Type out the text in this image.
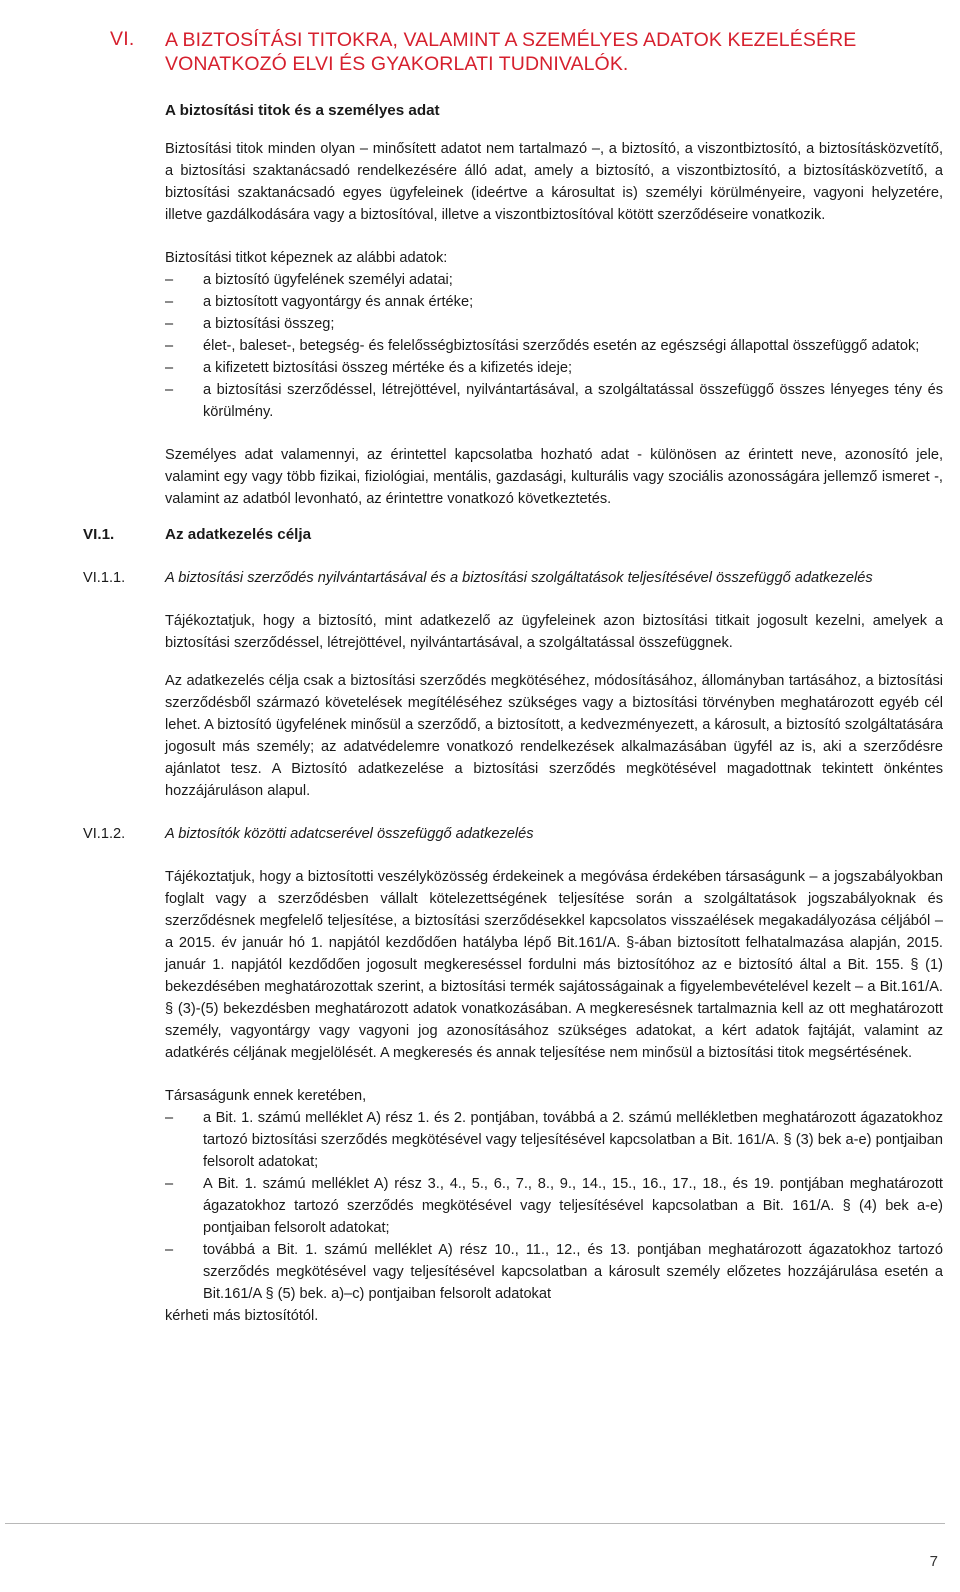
VI. A BIZTOSÍTÁSI TITOKRA, VALAMINT A SZEMÉLYES ADATOK KEZELÉSÉRE VONATKOZÓ ELVI ÉS GYAKORLATI TUDNIVALÓK.
A biztosítási titok és a személyes adat

Biztosítási titok minden olyan – minősített adatot nem tartalmazó –, a biztosító, a viszontbiztosító, a biztosításközvetítő, a biztosítási szaktanácsadó rendelkezésére álló adat, amely a biztosító, a viszontbiztosító, a biztosításközvetítő, a biztosítási szaktanácsadó egyes ügyfeleinek (ideértve a károsultat is) személyi körülményeire, vagyoni helyzetére, illetve gazdálkodására vagy a biztosítóval, illetve a viszontbiztosítóval kötött szerződéseire vonatkozik.

Biztosítási titkot képeznek az alábbi adatok:

– a biztosító ügyfelének személyi adatai;
– a biztosított vagyontárgy és annak értéke;
– a biztosítási összeg;
– élet-, baleset-, betegség- és felelősségbiztosítási szerződés esetén az egészségi állapottal összefüggő adatok;
– a kifizetett biztosítási összeg mértéke és a kifizetés ideje;
– a biztosítási szerződéssel, létrejöttével, nyilvántartásával, a szolgáltatással összefüggő összes lényeges tény és körülmény.

Személyes adat valamennyi, az érintettel kapcsolatba hozható adat - különösen az érintett neve, azonosító jele, valamint egy vagy több fizikai, fiziológiai, mentális, gazdasági, kulturális vagy szociális azonosságára jellemző ismeret -, valamint az adatból levonható, az érintettre vonatkozó következtetés.

VI.1.	Az adatkezelés célja
VI.1.1.	A biztosítási szerződés nyilvántartásával és a biztosítási szolgáltatások teljesítésével összefüggő adatkezelés

Tájékoztatjuk, hogy a biztosító, mint adatkezelő az ügyfeleinek azon biztosítási titkait jogosult kezelni, amelyek a biztosítási szerződéssel, létrejöttével, nyilvántartásával, a szolgáltatással összefüggnek.

Az adatkezelés célja csak a biztosítási szerződés megkötéséhez, módosításához, állományban tartásához, a biztosítási szerződésből származó követelések megítéléséhez szükséges vagy a biztosítási törvényben meghatározott egyéb cél lehet. A biztosító ügyfelének minősül a szerződő, a biztosított, a kedvezményezett, a károsult, a biztosító szolgáltatására jogosult más személy; az adatvédelemre vonatkozó rendelkezések alkalmazásában ügyfél az is, aki a szerződésre ajánlatot tesz. A Biztosító adatkezelése a biztosítási szerződés megkötésével magadottnak tekintett önkéntes hozzájáruláson alapul.

VI.1.2.	A biztosítók közötti adatcserével összefüggő adatkezelés

Tájékoztatjuk, hogy a biztosítotti veszélyközösség érdekeinek a megóvása érdekében társaságunk – a jogszabályokban foglalt vagy a szerződésben vállalt kötelezettségének teljesítése során a szolgáltatások jogszabályoknak és szerződésnek megfelelő teljesítése, a biztosítási szerződésekkel kapcsolatos visszaélések megakadályozása céljából – a 2015. év január hó 1. napjától kezdődően hatályba lépő Bit.161/A. §-ában biztosított felhatalmazása alapján, 2015. január 1. napjától kezdődően jogosult megkereséssel fordulni más biztosítóhoz az e biztosító által a Bit. 155. § (1) bekezdésében meghatározottak szerint, a biztosítási termék sajátosságainak a figyelembevételével kezelt – a Bit.161/A. § (3)-(5) bekezdésben meghatározott adatok vonatkozásában. A megkeresésnek tartalmaznia kell az ott meghatározott személy, vagyontárgy vagy vagyoni jog azonosításához szükséges adatokat, a kért adatok fajtáját, valamint az adatkérés céljának megjelölését. A megkeresés és annak teljesítése nem minősül a biztosítási titok megsértésének.

Társaságunk ennek keretében,

– a Bit. 1. számú melléklet A) rész 1. és 2. pontjában, továbbá a 2. számú mellékletben meghatározott ágazatokhoz tartozó biztosítási szerződés megkötésével vagy teljesítésével kapcsolatban a Bit. 161/A. § (3) bek a-e) pontjaiban felsorolt adatokat;
– A Bit. 1. számú melléklet A) rész 3., 4., 5., 6., 7., 8., 9., 14., 15., 16., 17., 18., és 19. pontjában meghatározott ágazatokhoz tartozó szerződés megkötésével vagy teljesítésével kapcsolatban a Bit. 161/A. § (4) bek a-e) pontjaiban felsorolt adatokat;
– továbbá a Bit. 1. számú melléklet A) rész 10., 11., 12., és 13. pontjában meghatározott ágazatokhoz tartozó szerződés megkötésével vagy teljesítésével kapcsolatban a károsult személy előzetes hozzájárulása esetén a Bit.161/A § (5) bek. a)–c) pontjaiban felsorolt adatokat

kérheti más biztosítótól.

7
